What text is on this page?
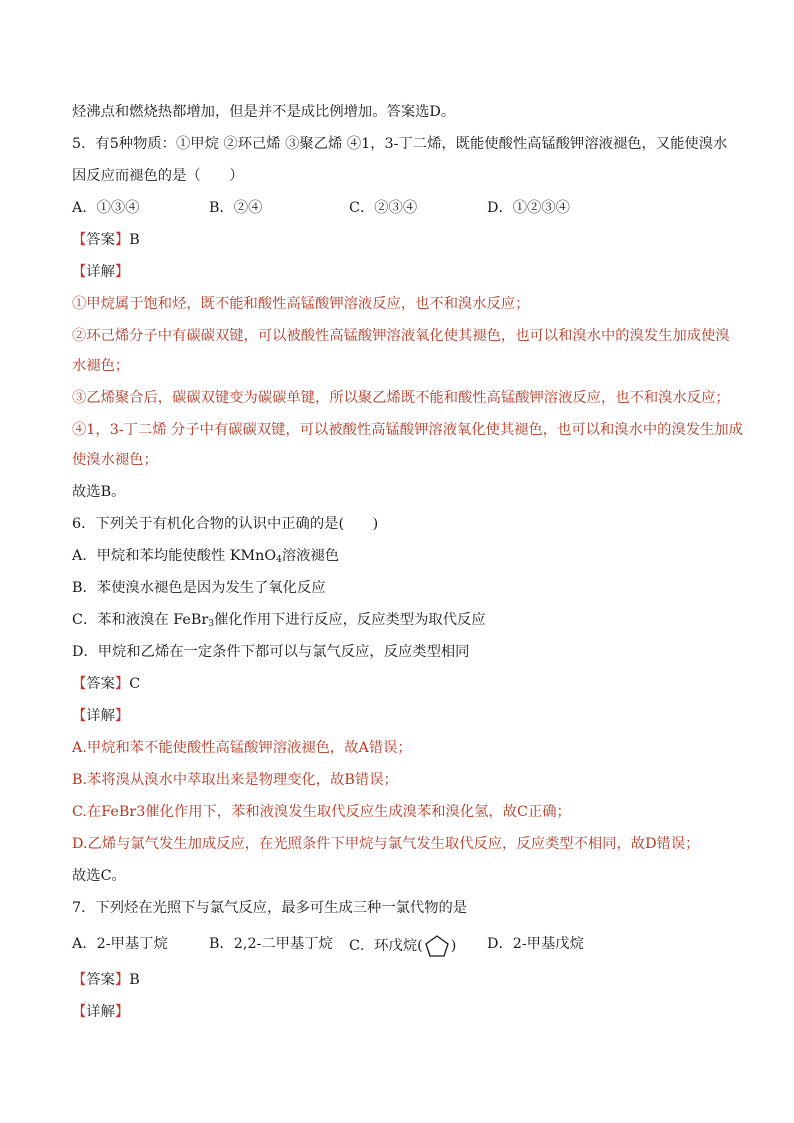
烃沸点和燃烧热都增加，但是并不是成比例增加。答案选D。
5．有5种物质：①甲烷 ②环己烯 ③聚乙烯 ④1，3-丁二烯，既能使酸性高锰酸钾溶液褪色，又能使溴水
因反应而褪色的是（　　）
A．①③④	B．②④	C．②③④	D．①②③④
【答案】B
【详解】
①甲烷属于饱和烃，既不能和酸性高锰酸钾溶液反应，也不和溴水反应；
②环己烯分子中有碳碳双键，可以被酸性高锰酸钾溶液氧化使其褪色，也可以和溴水中的溴发生加成使溴
水褪色；
③乙烯聚合后，碳碳双键变为碳碳单键，所以聚乙烯既不能和酸性高锰酸钾溶液反应，也不和溴水反应；
④1，3-丁二烯 分子中有碳碳双键，可以被酸性高锰酸钾溶液氧化使其褪色，也可以和溴水中的溴发生加成
使溴水褪色；
故选B。
6．下列关于有机化合物的认识中正确的是(　　)
A．甲烷和苯均能使酸性 KMnO$_4$溶液褪色
B．苯使溴水褪色是因为发生了氧化反应
C．苯和液溴在 FeBr$_3$催化作用下进行反应，反应类型为取代反应
D．甲烷和乙烯在一定条件下都可以与氯气反应，反应类型相同
【答案】C
【详解】
A.甲烷和苯不能使酸性高锰酸钾溶液褪色，故A错误；
B.苯将溴从溴水中萃取出来是物理变化，故B错误；
C.在FeBr3催化作用下，苯和液溴发生取代反应生成溴苯和溴化氢，故C正确；
D.乙烯与氯气发生加成反应，在光照条件下甲烷与氯气发生取代反应，反应类型不相同，故D错误；
故选C。
7．下列烃在光照下与氯气反应，最多可生成三种一氯代物的是
A．2-甲基丁烷	B．2,2-二甲基丁烷 C．环戊烷( ) D．2-甲基戊烷
【答案】B
【详解】
